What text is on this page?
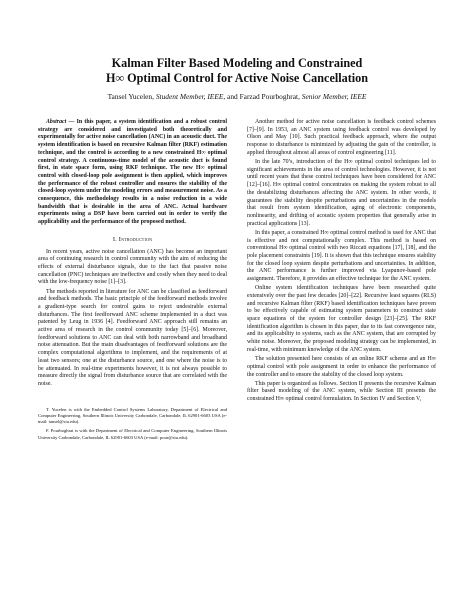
Kalman Filter Based Modeling and Constrained
H∞ Optimal Control for Active Noise Cancellation
Tansel Yucelen, Student Member, IEEE, and Farzad Pourboghrat, Senior Member, IEEE

Abstract — In this paper, a system identification and a robust control strategy are considered and investigated both theoretically and experimentally for active noise cancellation (ANC) in an acoustic duct. The system identification is based on recursive Kalman filter (RKF) estimation technique, and the control is according to a new constrained H∞ optimal control strategy. A continuous-time model of the acoustic duct is found first, in state space form, using RKF technique. The new H∞ optimal control with closed-loop pole assignment is then applied, which improves the performance of the robust controller and ensures the stability of the closed-loop system under the modeling errors and measurement noise. As a consequence, this methodology results in a noise reduction in a wide bandwidth that is desirable in the area of ANC. Actual hardware experiments using a DSP have been carried out in order to verify the applicability and the performance of the proposed method.

I. Introduction

In recent years, active noise cancellation (ANC) has become an important area of continuing research in control community with the aim of reducing the effects of external disturbance signals, due to the fact that passive noise cancellation (PNC) techniques are ineffective and costly when they need to deal with the low-frequency noise [1]–[3].

The methods reported in literature for ANC can be classified as feedforward and feedback methods. The basic principle of the feedforward methods involve a gradient-type search for control gains to reject undesirable external disturbances. The first feedforward ANC scheme implemented in a duct was patented by Leug in 1936 [4]. Feedforward ANC approach still remains an active area of research in the control community today [5]–[6]. Moreover, feedforward solutions to ANC can deal with both narrowband and broadband noise attenuation. But the main disadvantages of feedforward solutions are the complex computational algorithms to implement, and the requirements of at least two sensors; one at the disturbance source, and one where the noise is to be attenuated. In real-time experiments however, it is not always possible to measure directly the signal from disturbance source that are correlated with the noise.

T. Yucelen is with the Embedded Control Systems Laboratory, Department of Electrical and Computer Engineering, Southern Illinois University Carbondale, Carbondale, IL 62901-6603 USA (e-mail: tansel@siu.edu).

F. Pourboghrat is with the Department of Electrical and Computer Engineering, Southern Illinois University Carbondale, Carbondale, IL 62901-6603 USA (e-mail: pour@siu.edu).

Another method for active noise cancellation is feedback control schemes [7]–[9]. In 1953, an ANC system using feedback control was developed by Olson and May [10]. Such practical feedback approach, where the output response to disturbance is minimized by adjusting the gain of the controller, is applied throughout almost all areas of control engineering [11].

In the late 70’s, introduction of the H∞ optimal control techniques led to significant achievements in the area of control technologies. However, it is not until recent years that these control techniques have been considered for ANC [12]–[16]. H∞ optimal control concentrates on making the system robust to all the destabilizing disturbances affecting the ANC system. In other words, it guarantees the stability despite perturbations and uncertainties in the models that result from system identification, aging of electronic components, nonlinearity, and drifting of acoustic system properties that generally arise in practical applications [13].

In this paper, a constrained H∞ optimal control method is used for ANC that is effective and not computationally complex. This method is based on conventional H∞ optimal control with two Riccati equations [17], [18], and the pole placement constraints [19]. It is shown that this technique ensures stability for the closed loop system despite perturbations and uncertainties. In addition, the ANC performance is further improved via Lyapunov-based pole assignment. Therefore, it provides an effective technique for the ANC system.

Online system identification techniques have been researched quite extensively over the past few decades [20]–[22]. Recursive least squares (RLS) and recursive Kalman filter (RKF) based identification techniques have proven to be effectively capable of estimating system parameters to construct state space equations of the system for controller design [23]–[25]. The RKF identification algorithm is chosen in this paper, due to its fast convergence rate, and its applicability to systems, such as the ANC system, that are corrupted by white noise. Moreover, the proposed modeling strategy can be implemented, in real-time, with minimum knowledge of the ANC system.

The solution presented here consists of an online RKF scheme and an H∞ optimal control with pole assignment in order to enhance the performance of the controller and to ensure the stability of the closed loop system.

This paper is organized as follows. Section II presents the recursive Kalman filter based modeling of the ANC system, while Section III presents the constrained H∞ optimal control formulation. In Section IV and Section V,
